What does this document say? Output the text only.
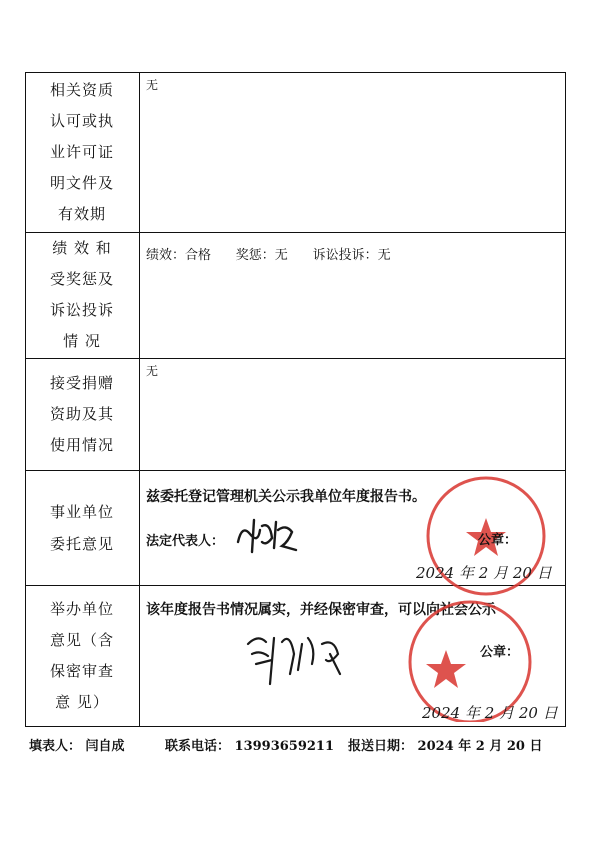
相关资质
认可或执
业许可证
明文件及
有效期
无
绩 效 和
受奖惩及
诉讼投诉
情 况
绩效：合格      奖惩：无      诉讼投诉：无
接受捐赠
资助及其
使用情况
无
事业单位
委托意见
兹委托登记管理机关公示我单位年度报告书。
法定代表人：	公章：
2024 年 2 月 20 日
举办单位
意见（含
保密审查
意 见）
该年度报告书情况属实，并经保密审查，可以向社会公示
公章：
2024 年 2 月 20 日
填表人： 闫自成	联系电话： 13993659211 报送日期： 2024 年 2 月 20 日
